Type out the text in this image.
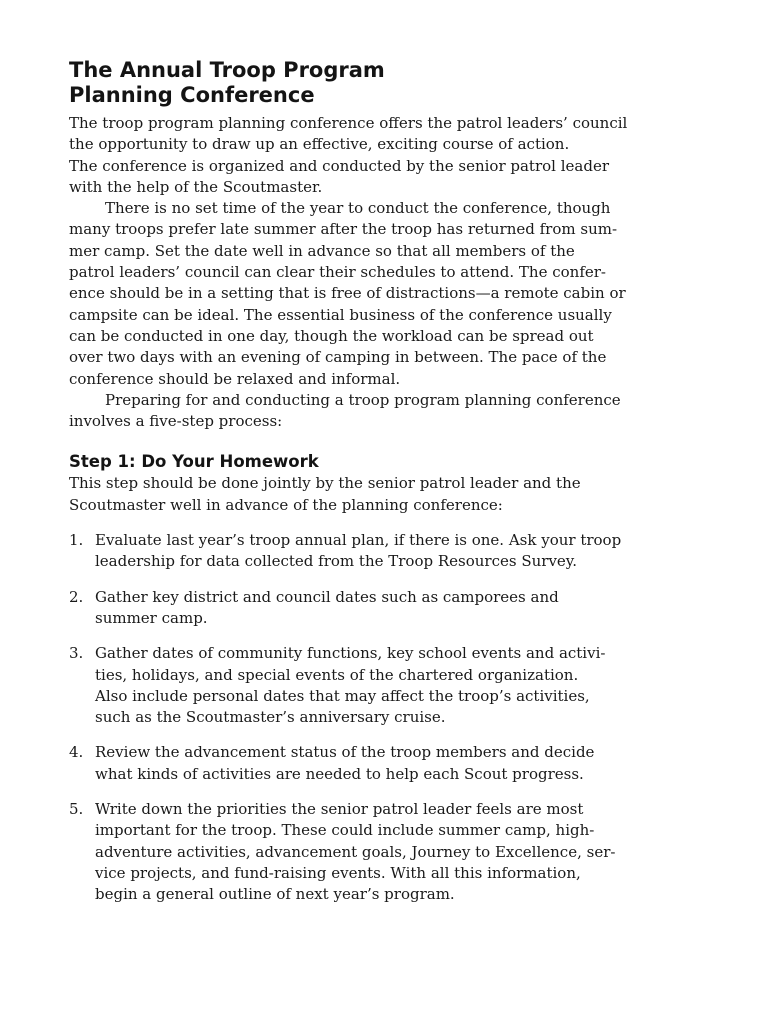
The Annual Troop Program
Planning Conference
The troop program planning conference offers the patrol leaders’ council
the opportunity to draw up an effective, exciting course of action.
The conference is organized and conducted by the senior patrol leader
with the help of the Scoutmaster.
There is no set time of the year to conduct the conference, though
many troops prefer late summer after the troop has returned from sum-
mer camp. Set the date well in advance so that all members of the
patrol leaders’ council can clear their schedules to attend. The confer-
ence should be in a setting that is free of distractions—a remote cabin or
campsite can be ideal. The essential business of the conference usually
can be conducted in one day, though the workload can be spread out
over two days with an evening of camping in between. The pace of the
conference should be relaxed and informal.
Preparing for and conducting a troop program planning conference
involves a five-step process:
Step 1: Do Your Homework
This step should be done jointly by the senior patrol leader and the
Scoutmaster well in advance of the planning conference:
1. Evaluate last year’s troop annual plan, if there is one. Ask your troop
leadership for data collected from the Troop Resources Survey.
2. Gather key district and council dates such as camporees and
summer camp.
3. Gather dates of community functions, key school events and activi-
ties, holidays, and special events of the chartered organization.
Also include personal dates that may affect the troop’s activities,
such as the Scoutmaster’s anniversary cruise.
4. Review the advancement status of the troop members and decide
what kinds of activities are needed to help each Scout progress.
5. Write down the priorities the senior patrol leader feels are most
important for the troop. These could include summer camp, high-
adventure activities, advancement goals, Journey to Excellence, ser-
vice projects, and fund-raising events. With all this information,
begin a general outline of next year’s program.
